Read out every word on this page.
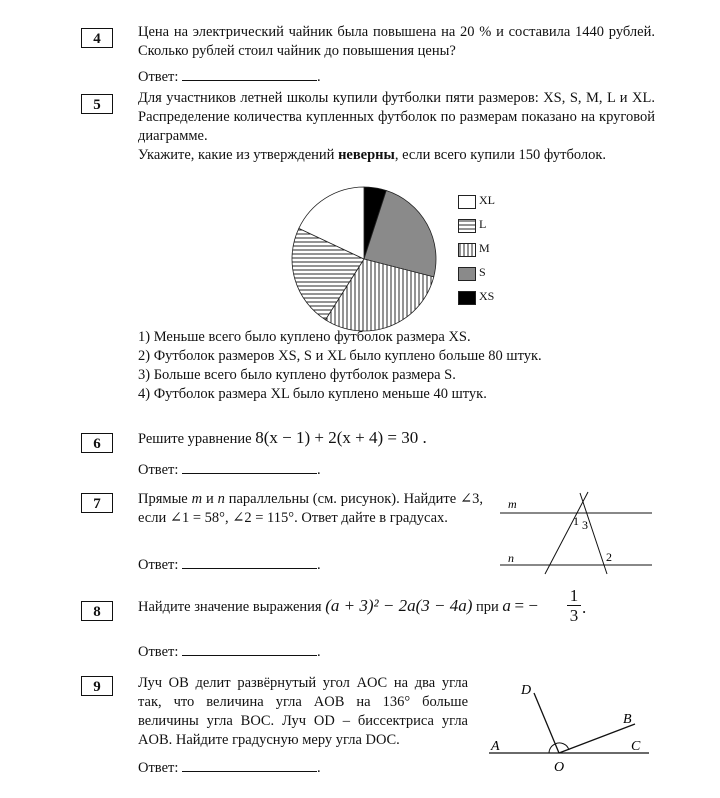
4	Цена на электрический чайник была повышена на 20 % и составила 1440 рублей. Сколько рублей стоил чайник до повышения цены?
Ответ:	.
5	Для участников летней школы купили футболки пяти размеров: XS, S, M, L и XL. Распределение количества купленных футболок по размерам показано на круговой диаграмме.
Укажите, какие из утверждений неверны, если всего купили 150 футболок.
XL
L
M
S
XS
1) Меньше всего было куплено футболок размера XS.
2) Футболок размеров XS, S и XL было куплено больше 80 штук.
3) Больше всего было куплено футболок размера S.
4) Футболок размера XL было куплено меньше 40 штук.
6	Решите уравнение 8(x − 1) + 2(x + 4) = 30 .
Ответ:	.
7	Прямые m и n параллельны (см. рисунок). Найдите ∠3, если ∠1 = 58°, ∠2 = 115°. Ответ дайте в градусах.
Ответ:	.
m
n
1 3
2
8	Найдите значение выражения (a + 3)² − 2a(3 − 4a) при a = − $\frac{1}{3}$ .
Ответ:	.
9	Луч OB делит развёрнутый угол AOC на два угла так, что величина угла AOB на 136° больше величины угла BOC. Луч OD – биссектриса угла AOB. Найдите градусную меру угла DOC.
Ответ:	.
A	C
D
B
O
